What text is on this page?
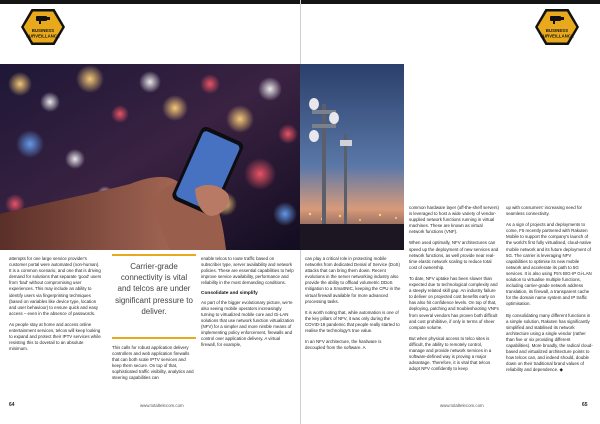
BUSINESS
SURVEILLANCE
BUSINESS
SURVEILLANCE

attempts for one large service provider's customer portal were automated (non-human). It is a common scenario, and one that is driving demand for solutions that separate 'good' users from 'bad' without compromising user experiences. This may include an ability to identify users via fingerprinting techniques (based on variables like device type, location and user behaviour) to ensure quick and easy access – even in the absence of passwords.

As people stay at home and access online entertainment services, telcos will keep looking to expand and protect their IPTV services while resisting this to dovetail to an absolute minimum.

Carrier-grade connectivity is vital and telcos are under significant pressure to deliver.

This calls for robust application delivery controllers and web application firewalls that can both scale IPTV services and keep them secure. On top of that, sophisticated traffic visibility, analytics and steering capabilities can

enable telcos to route traffic based on subscriber type, server availability and network policies. These are essential capabilities to help improve service availability, performance and reliability in the most demanding conditions.

Consolidate and simplify

As part of the bigger evolutionary picture, we're also seeing mobile operators increasingly turning to virtualized mobile core and Gi-LAN solutions that use network function virtualization (NFV) for a simpler and more nimble means of implementing policy enforcement, firewalls and control over application delivery. A virtual firewall, for example,

www.totaltelecom.com
64

can play a critical role in protecting mobile networks from dedicated Denial of Service (DoS) attacks that can bring them down. Recent evolutions in the server networking industry also provide the ability to offload volumetric DDoS mitigation to a SmartNIC, keeping the CPU in the virtual firewall available for more advanced processing tasks.

It is worth noting that, while automation is one of the key pillars of NFV, it was only during the COVID-19 pandemic that people really started to realise the technology's true value.

In an NFV architecture, the hardware is decoupled from the software. A

common hardware layer (off-the-shelf servers) is leveraged to host a wide variety of vendor-supplied network functions running in virtual machines. These are known as virtual network functions (VNF).

When used optimally, NFV architectures can speed up the deployment of new services and network functions, as well provide near real-time elastic network scaling to reduce total cost of ownership.

To date, NFV uptake has been slower than expected due to technological complexity and a steeply related skill gap. An industry failure to deliver on projected cost benefits early on has also hit confidence levels. On top of that, deploying, patching and troubleshooting VNFs from several vendors has proven both difficult and cost prohibitive, if only in terms of sheer compute volume.

But when physical access to telco sites is difficult, the ability to remotely control, manage and provide network services in a software-defined way is proving a major advantage. Therefore, it is vital that telcos adopt NFV confidently to keep

up with consumers' increasing need for seamless connectivity.

As a sign of projects and deployments to come, F5 recently partnered with Rakuten Mobile to support the company's launch of the world's first fully virtualised, cloud-native mobile network and its future deployment of 5G. The carrier is leveraging NFV capabilities to optimise its new mobile network and accelerate its path to 5G services. It is also using F5's BIG-IP Gi-LAN solution to virtualise multiple functions, including carrier-grade network address translation, its firewall, a transparent cache for the domain name system and IP traffic optimisation.

By consolidating many different functions in a simple solution, Rakuten has significantly simplified and stabilised its network architecture using a single vendor (rather than five or six providing different capabilities). More broadly, the radical cloud-based and virtualized architecture points to how telcos can, and indeed should, double down on their traditional brand values of reliability and dependence. ◆

www.totaltelecom.com	65
